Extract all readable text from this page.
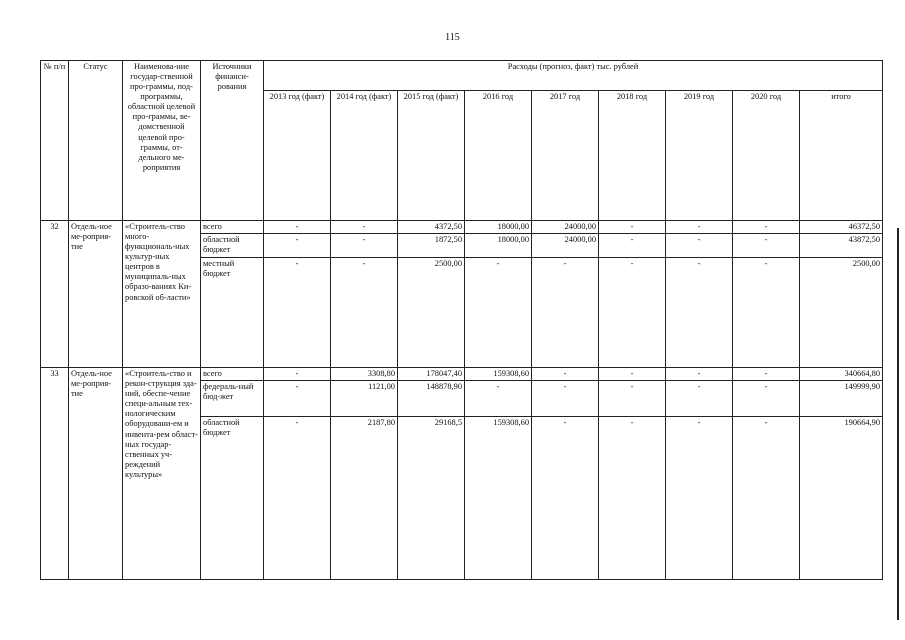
115
№ п/п	Статус	Наименова-ние государ-ственной про-граммы, под-программы, областной целевой про-граммы, ве-домственной целевой про-граммы, от-дельного ме-роприятия	Источники финанси-рования	Расходы (прогноз, факт) тыс. рублей								
				2013 год (факт)	2014 год (факт)	2015 год (факт)	2016 год	2017 год	2018 год	2019 год	2020 год	итого
32	Отдель-ное ме-роприя-тие	«Строитель-ство много-функциональ-ных культур-ных центров в муниципаль-ных образо-ваниях Ки-ровской об-ласти»	всего	-	-	4372,50	18000,00	24000,00	-	-	-	46372,50
			областной бюджет	-	-	1872,50	18000,00	24000,00	-	-	-	43872,50
			местный бюджет	-	-	2500,00	-	-	-	-	-	2500,00
33	Отдель-ное ме-роприя-тие	«Строитель-ство и рекон-струкция зда-ний, обеспе-чение специ-альным тех-нологическим оборудовани-ем и инвента-рем област-ных государ-ственных уч-реждений культуры»	всего	-	3308,80	178047,40	159308,60	-	-	-	-	340664,80
			федераль-ный бюд-жет	-	1121,00	148878,90	-	-	-	-	-	149999,90
			областной бюджет	-	2187,80	29168,5	159308,60	-	-	-	-	190664,90
